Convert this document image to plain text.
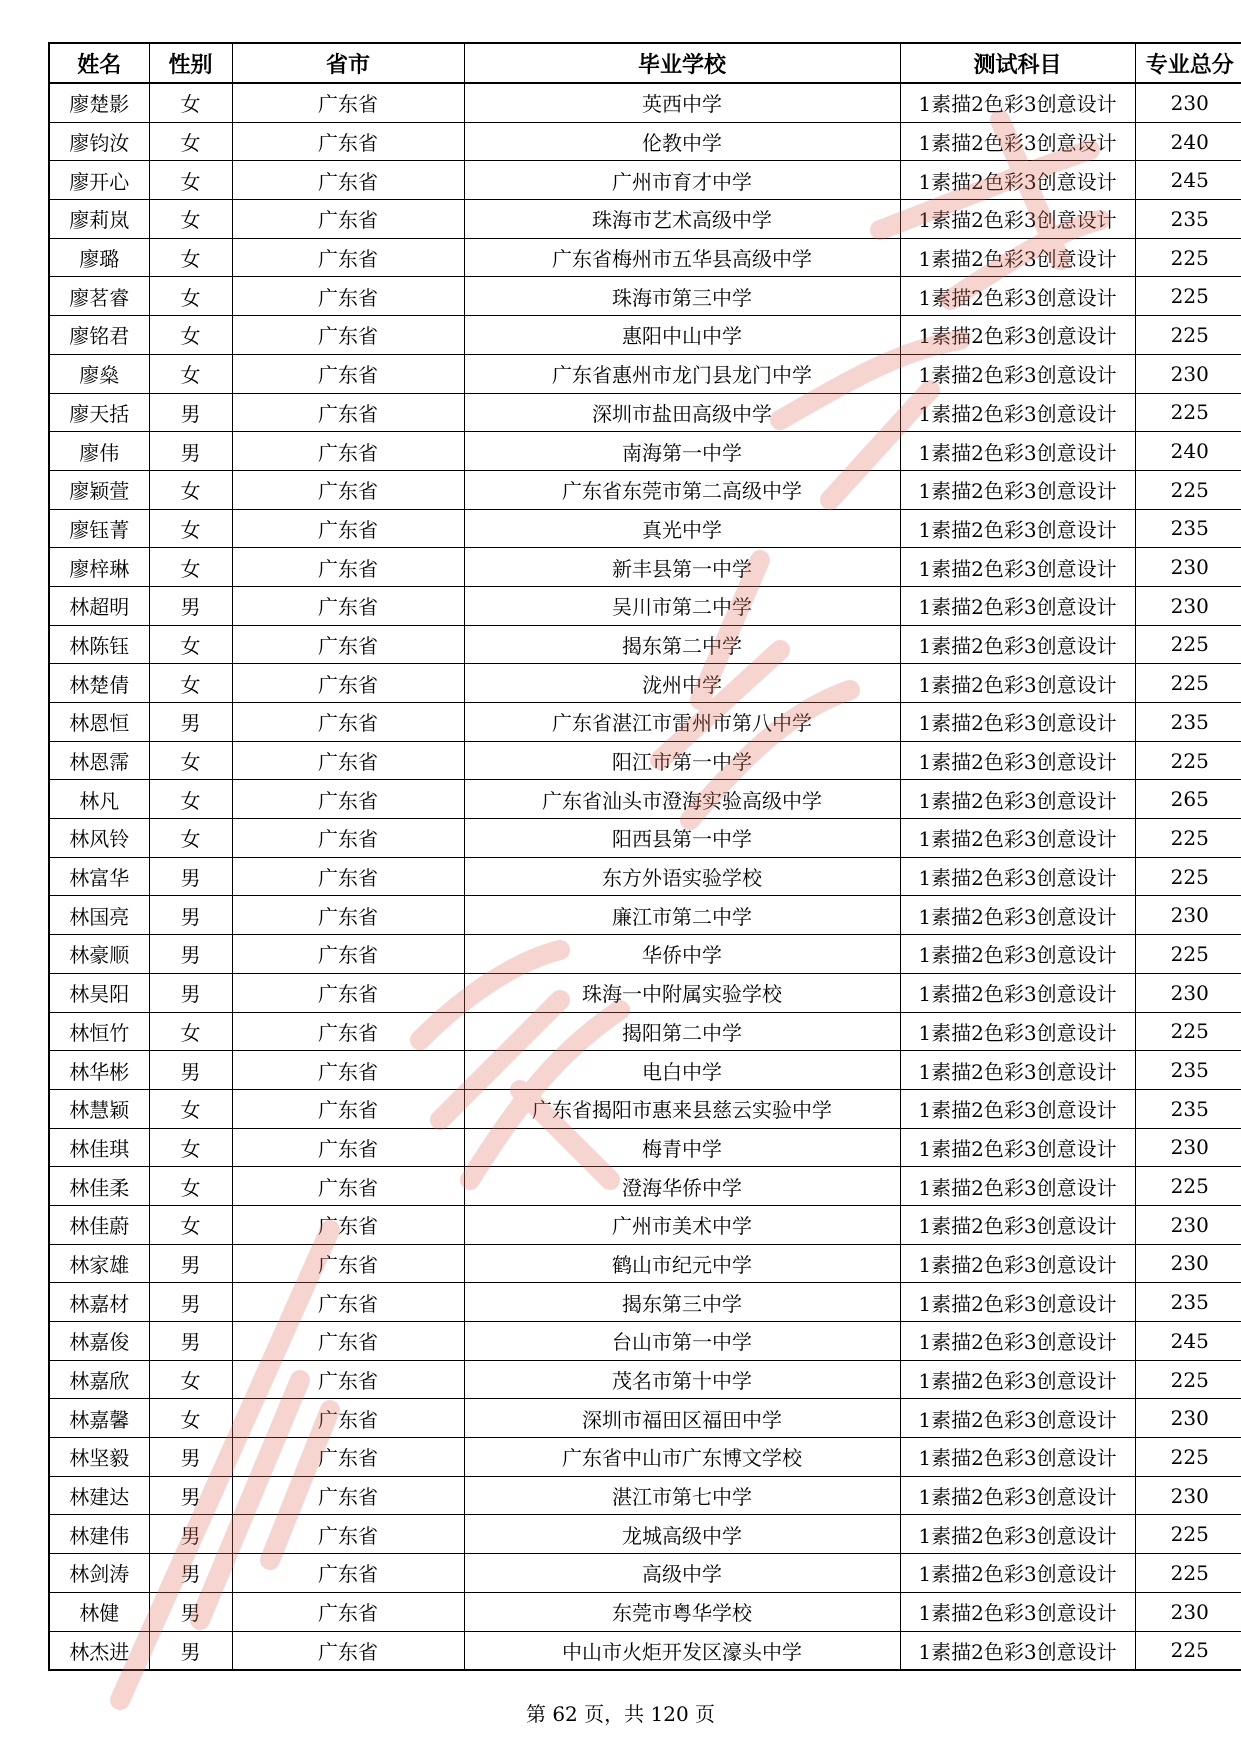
姓名	性别	省市	毕业学校	测试科目	专业总分
廖楚影	女	广东省	英西中学	1素描2色彩3创意设计	230
廖钧汝	女	广东省	伦教中学	1素描2色彩3创意设计	240
廖开心	女	广东省	广州市育才中学	1素描2色彩3创意设计	245
廖莉岚	女	广东省	珠海市艺术高级中学	1素描2色彩3创意设计	235
廖璐	女	广东省	广东省梅州市五华县高级中学	1素描2色彩3创意设计	225
廖茗睿	女	广东省	珠海市第三中学	1素描2色彩3创意设计	225
廖铭君	女	广东省	惠阳中山中学	1素描2色彩3创意设计	225
廖燊	女	广东省	广东省惠州市龙门县龙门中学	1素描2色彩3创意设计	230
廖天括	男	广东省	深圳市盐田高级中学	1素描2色彩3创意设计	225
廖伟	男	广东省	南海第一中学	1素描2色彩3创意设计	240
廖颖萱	女	广东省	广东省东莞市第二高级中学	1素描2色彩3创意设计	225
廖钰菁	女	广东省	真光中学	1素描2色彩3创意设计	235
廖梓琳	女	广东省	新丰县第一中学	1素描2色彩3创意设计	230
林超明	男	广东省	吴川市第二中学	1素描2色彩3创意设计	230
林陈钰	女	广东省	揭东第二中学	1素描2色彩3创意设计	225
林楚倩	女	广东省	泷州中学	1素描2色彩3创意设计	225
林恩恒	男	广东省	广东省湛江市雷州市第八中学	1素描2色彩3创意设计	235
林恩霈	女	广东省	阳江市第一中学	1素描2色彩3创意设计	225
林凡	女	广东省	广东省汕头市澄海实验高级中学	1素描2色彩3创意设计	265
林风铃	女	广东省	阳西县第一中学	1素描2色彩3创意设计	225
林富华	男	广东省	东方外语实验学校	1素描2色彩3创意设计	225
林国亮	男	广东省	廉江市第二中学	1素描2色彩3创意设计	230
林豪顺	男	广东省	华侨中学	1素描2色彩3创意设计	225
林昊阳	男	广东省	珠海一中附属实验学校	1素描2色彩3创意设计	230
林恒竹	女	广东省	揭阳第二中学	1素描2色彩3创意设计	225
林华彬	男	广东省	电白中学	1素描2色彩3创意设计	235
林慧颖	女	广东省	广东省揭阳市惠来县慈云实验中学	1素描2色彩3创意设计	235
林佳琪	女	广东省	梅青中学	1素描2色彩3创意设计	230
林佳柔	女	广东省	澄海华侨中学	1素描2色彩3创意设计	225
林佳蔚	女	广东省	广州市美术中学	1素描2色彩3创意设计	230
林家雄	男	广东省	鹤山市纪元中学	1素描2色彩3创意设计	230
林嘉材	男	广东省	揭东第三中学	1素描2色彩3创意设计	235
林嘉俊	男	广东省	台山市第一中学	1素描2色彩3创意设计	245
林嘉欣	女	广东省	茂名市第十中学	1素描2色彩3创意设计	225
林嘉馨	女	广东省	深圳市福田区福田中学	1素描2色彩3创意设计	230
林坚毅	男	广东省	广东省中山市广东博文学校	1素描2色彩3创意设计	225
林建达	男	广东省	湛江市第七中学	1素描2色彩3创意设计	230
林建伟	男	广东省	龙城高级中学	1素描2色彩3创意设计	225
林剑涛	男	广东省	高级中学	1素描2色彩3创意设计	225
林健	男	广东省	东莞市粤华学校	1素描2色彩3创意设计	230
林杰进	男	广东省	中山市火炬开发区濠头中学	1素描2色彩3创意设计	225
第 62 页，共 120 页
